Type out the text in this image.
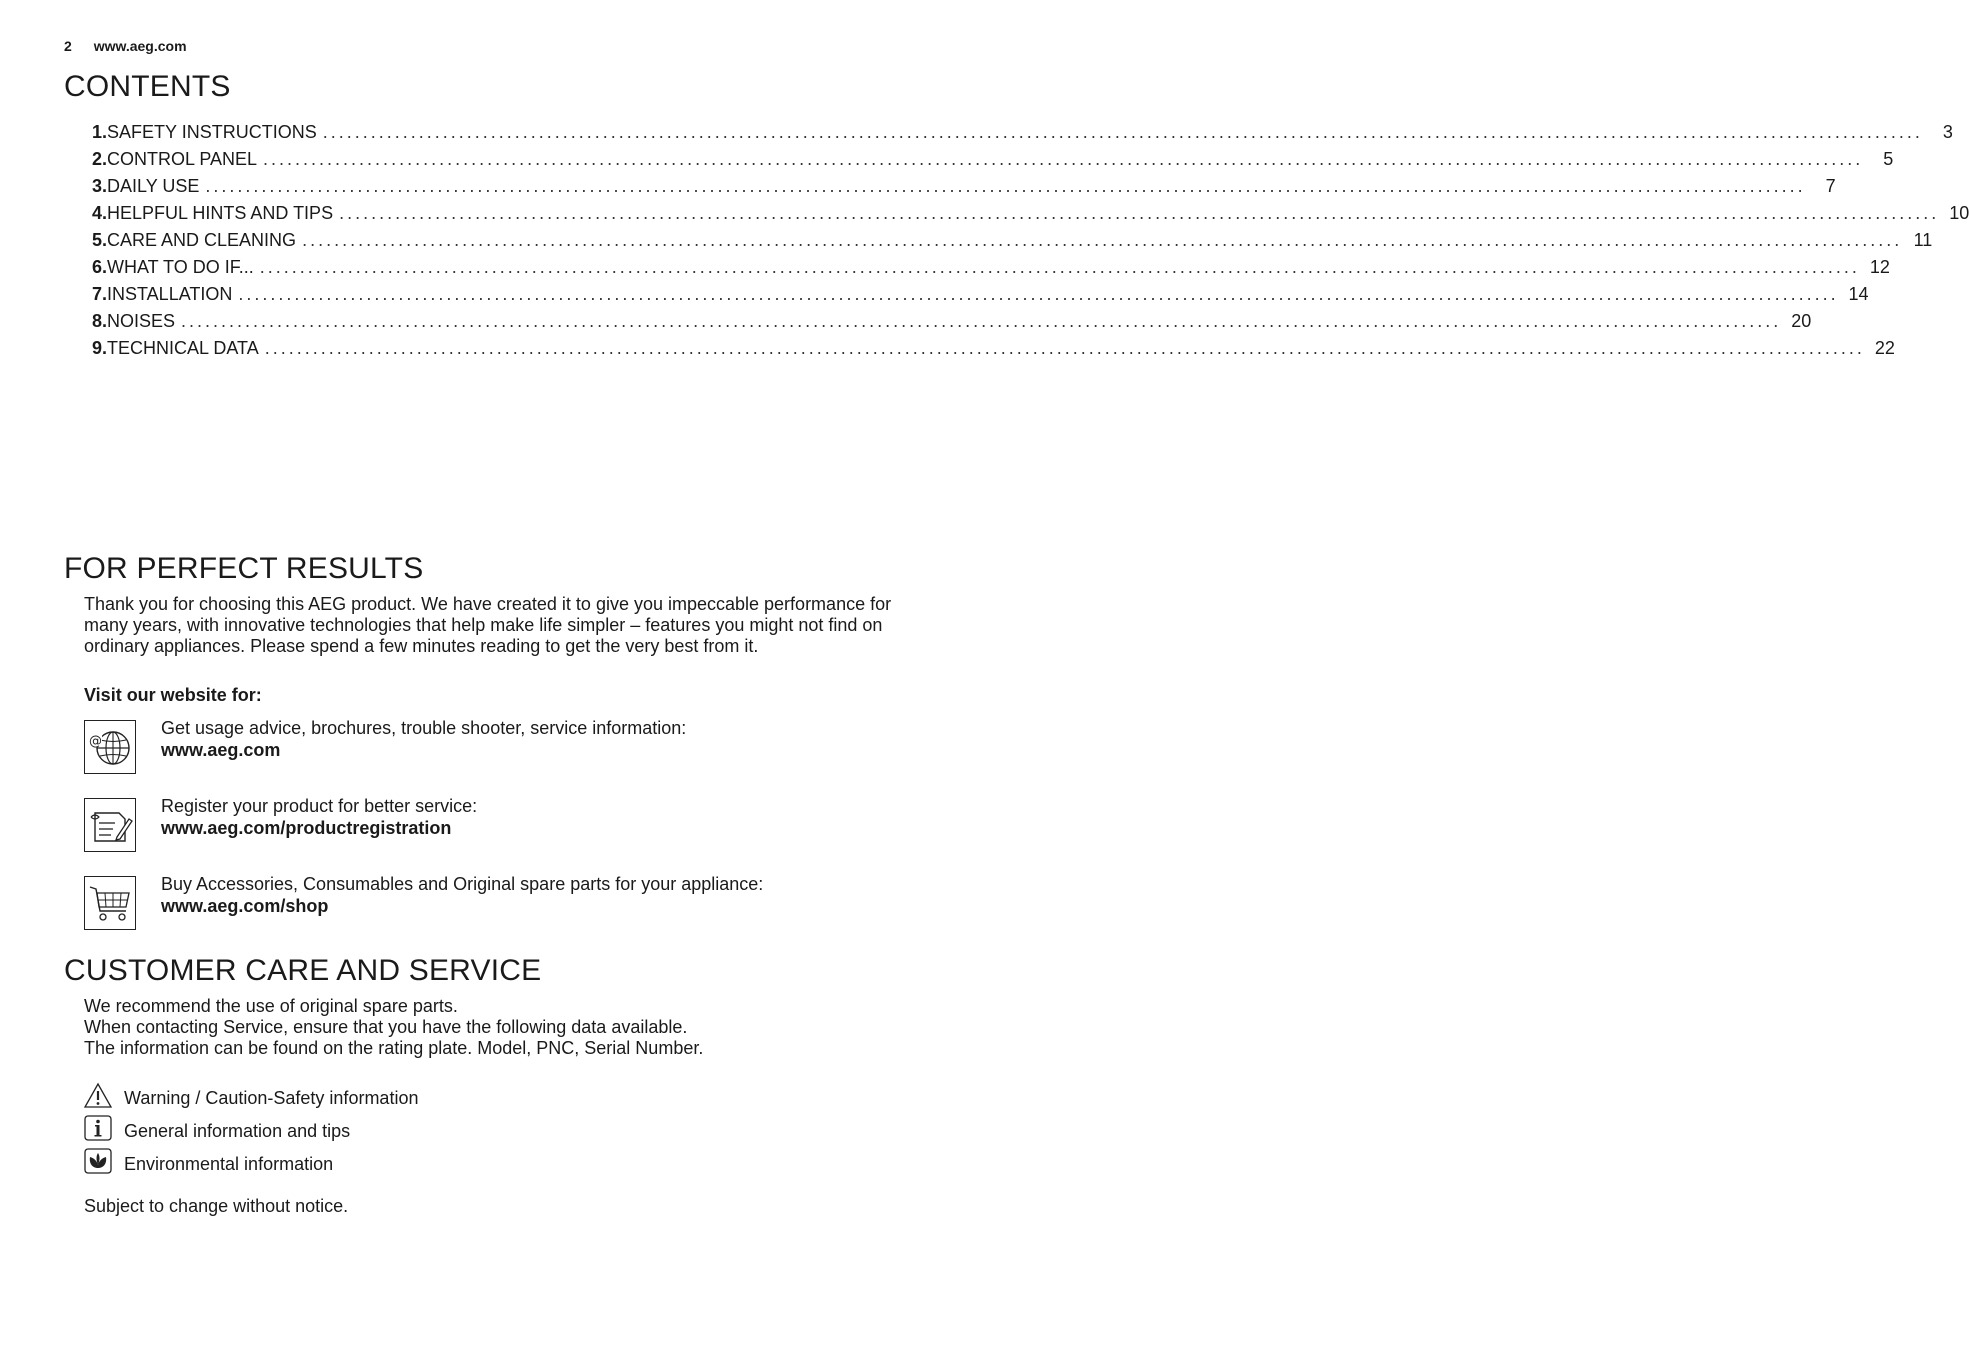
2 www.aeg.com
CONTENTS
1. SAFETY INSTRUCTIONS ........................................................................................................................................................................................................	3
2. CONTROL PANEL ........................................................................................................................................................................................................	5
3. DAILY USE ........................................................................................................................................................................................................	7
4. HELPFUL HINTS AND TIPS ........................................................................................................................................................................................................ 10
5. CARE AND CLEANING ........................................................................................................................................................................................................ 11
6. WHAT TO DO IF... ........................................................................................................................................................................................................ 12
7. INSTALLATION ........................................................................................................................................................................................................ 14
8. NOISES ........................................................................................................................................................................................................ 20
9. TECHNICAL DATA ........................................................................................................................................................................................................ 22
FOR PERFECT RESULTS
Thank you for choosing this AEG product. We have created it to give you impeccable performance for many years, with innovative technologies that help make life simpler – features you might not find on ordinary appliances. Please spend a few minutes reading to get the very best from it.
Visit our website for:
@
Get usage advice, brochures, trouble shooter, service information:
www.aeg.com
Register your product for better service:
www.aeg.com/productregistration
Buy Accessories, Consumables and Original spare parts for your appliance:
www.aeg.com/shop
CUSTOMER CARE AND SERVICE
We recommend the use of original spare parts.
When contacting Service, ensure that you have the following data available.
The information can be found on the rating plate. Model, PNC, Serial Number.
Warning / Caution-Safety information
General information and tips
Environmental information
Subject to change without notice.
